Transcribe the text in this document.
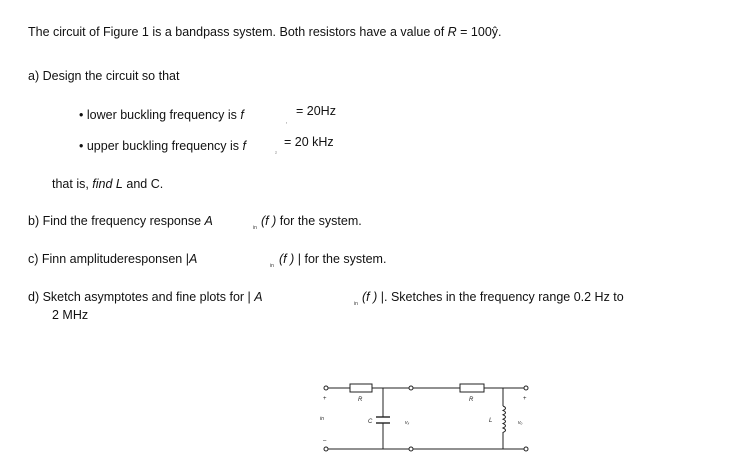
The circuit of Figure 1 is a bandpass system. Both resistors have a value of R = 100ŷ.
a) Design the circuit so that
• lower buckling frequency is f	,
= 20Hz
• upper buckling frequency is f	₂
= 20 kHz
that is, find L and C.
b) Find the frequency response A	in (f ) for the system.
c) Finn amplituderesponsen |A	in (f ) | for the system.
d) Sketch asymptotes and fine plots for | A	in (f ) |. Sketches in the frequency range 0.2 Hz to
2 MHz
R	R
C	L
in
vₓ	vₒ
+
–
+
